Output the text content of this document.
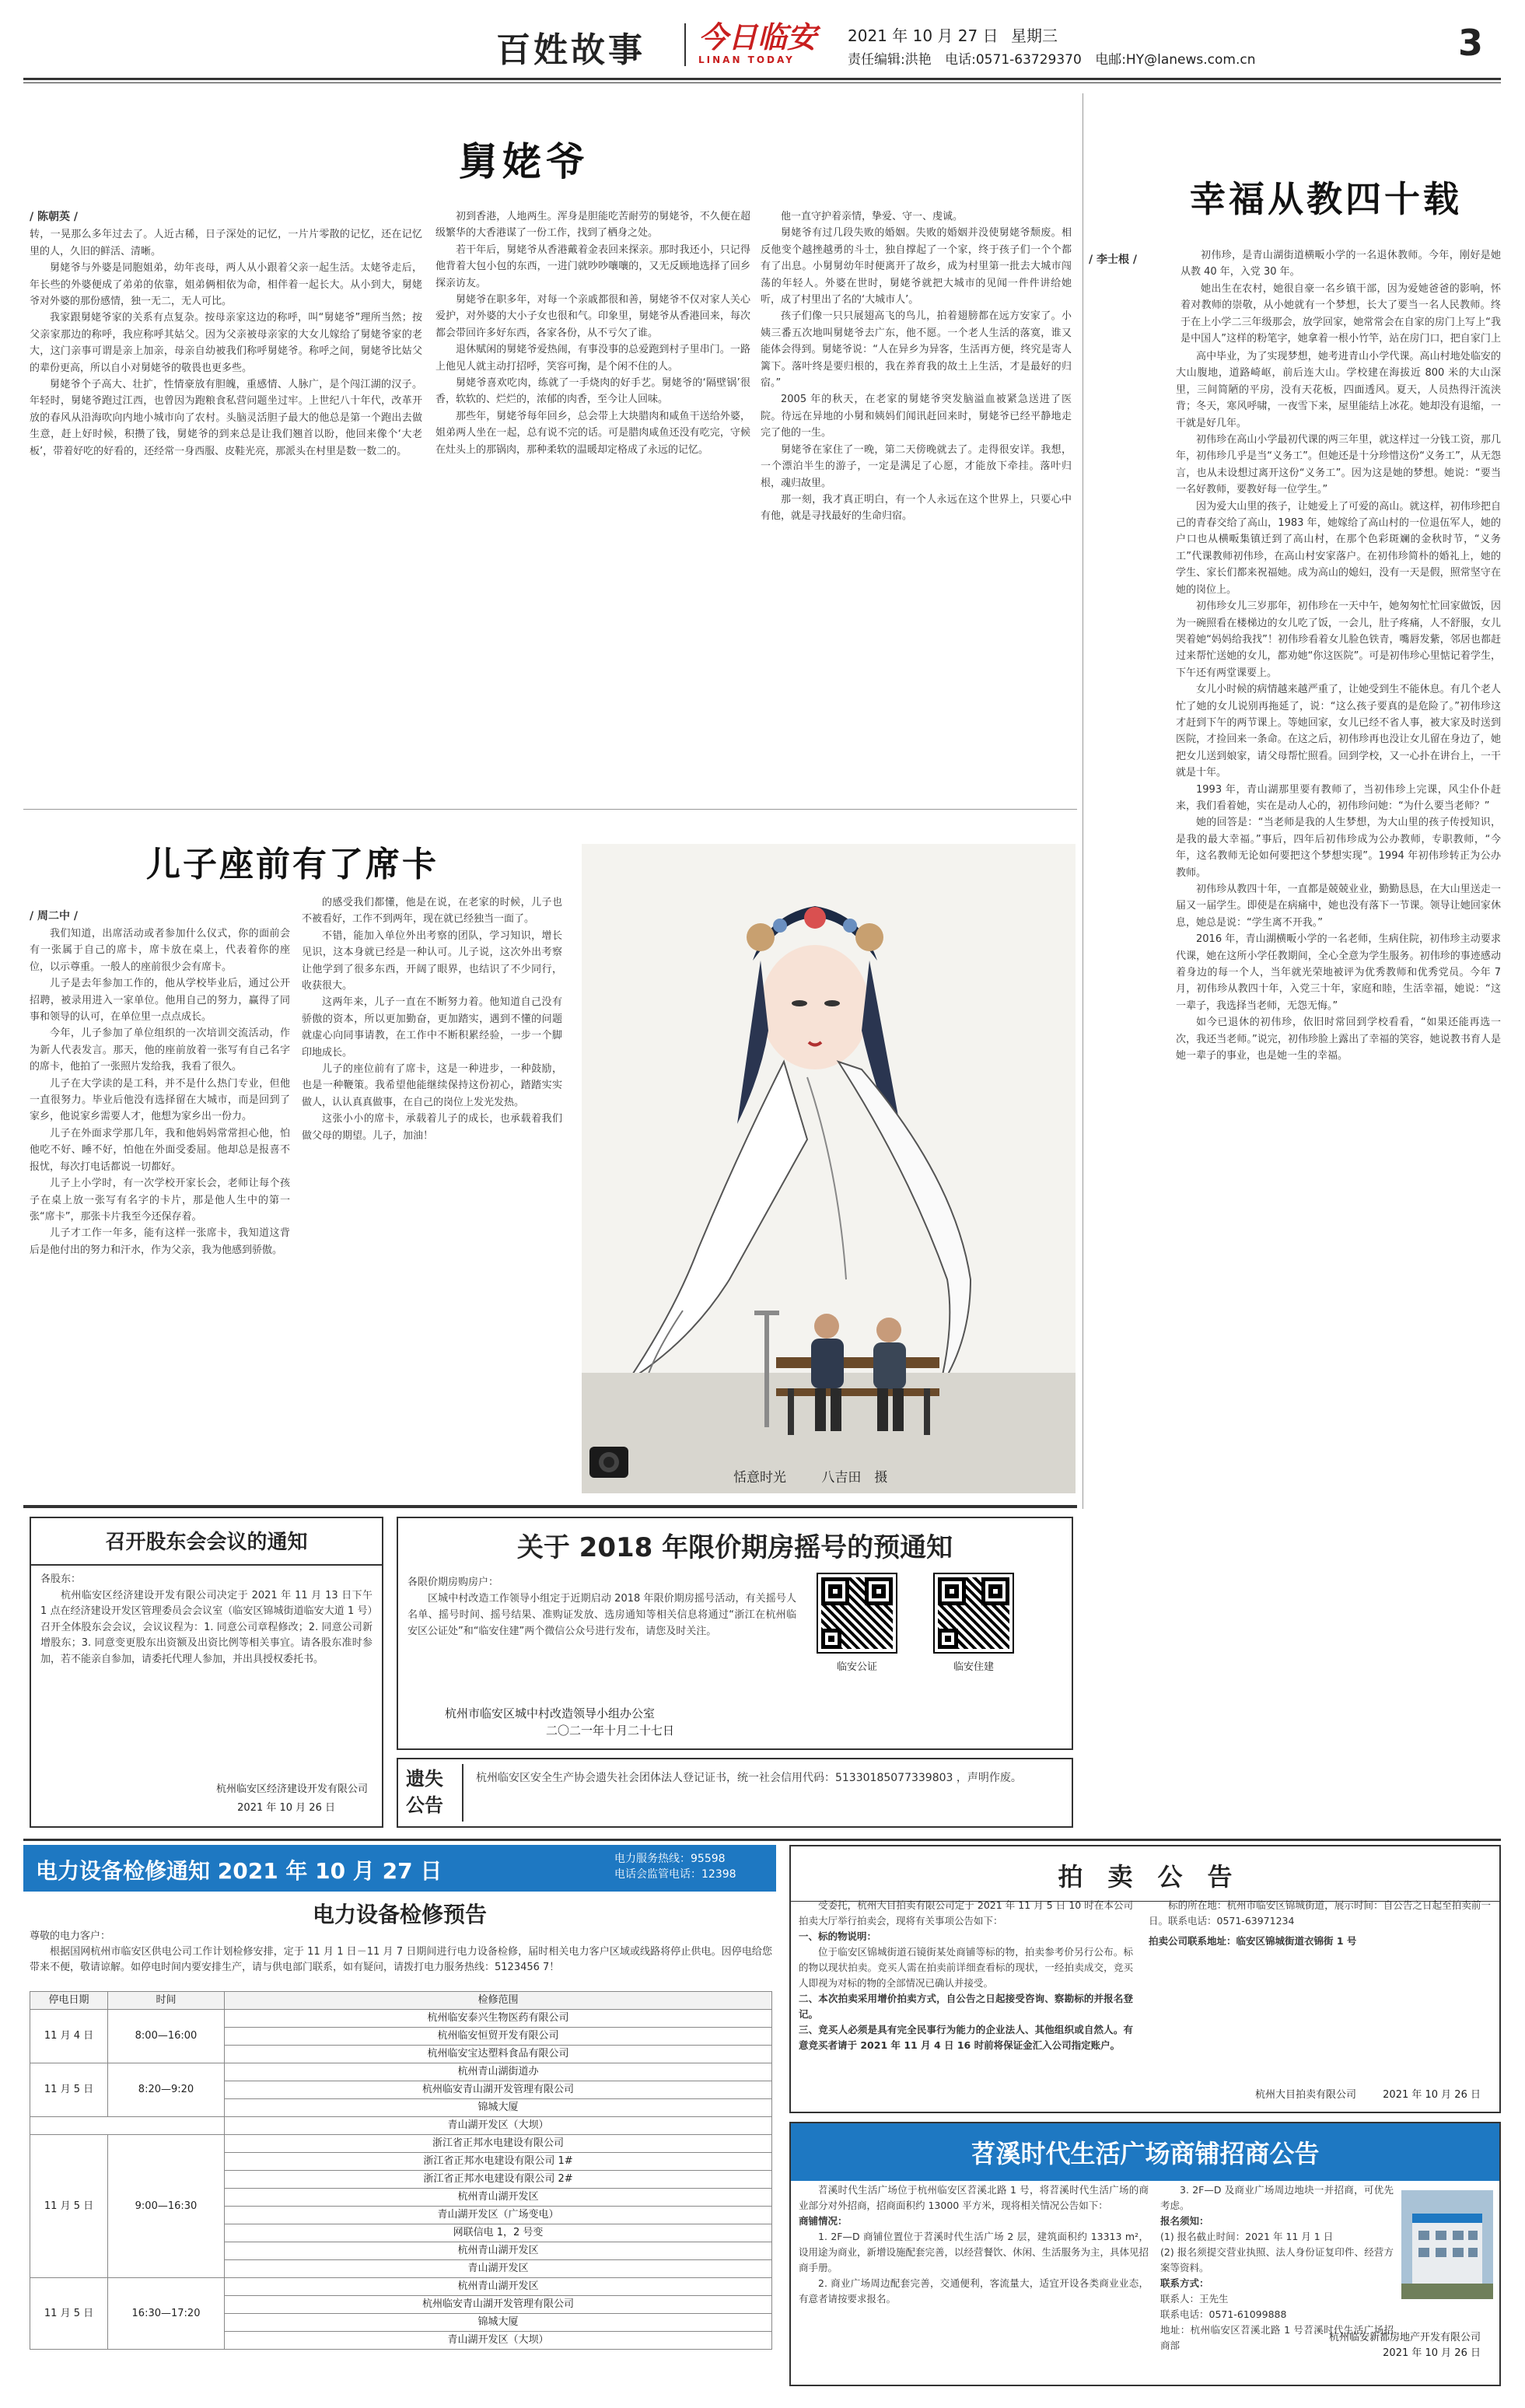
百姓故事 今日临安
LINAN TODAY
2021 年 10 月 27 日 星期三
责任编辑:洪艳 电话:0571-63729370 电邮:HY@lanews.com.cn	3
舅姥爷
/ 陈朝英 /

转，一晃那么多年过去了。人近古稀，日子深处的记忆，一片片零散的记忆，还在记忆里的人，久旧的鲜活、清晰。

舅姥爷与外婆是同胞姐弟，幼年丧母，两人从小跟着父亲一起生活。太姥爷走后，年长些的外婆便成了弟弟的依靠，姐弟俩相依为命，相伴着一起长大。从小到大，舅姥爷对外婆的那份感情，独一无二，无人可比。

我家跟舅姥爷家的关系有点复杂。按母亲家这边的称呼，叫“舅姥爷”理所当然；按父亲家那边的称呼，我应称呼其姑父。因为父亲被母亲家的大女儿嫁给了舅姥爷家的老大，这门亲事可谓是亲上加亲，母亲自幼被我们称呼舅姥爷。称呼之间，舅姥爷比姑父的辈份更高，所以自小对舅姥爷的敬畏也更多些。

舅姥爷个子高大、壮扩，性情豪放有胆魄，重感情、人脉广，是个闯江湖的汉子。年轻时，舅姥爷跑过江西，也曾因为跑粮食私营问题坐过牢。上世纪八十年代，改革开放的春风从沿海吹向内地小城市向了农村。头脑灵活胆子最大的他总是第一个跑出去做生意，赶上好时候，积攒了钱，舅姥爷的到来总是让我们翘首以盼，他回来像个‘大老板’，带着好吃的好看的，还经常一身西服、皮鞋光亮，那派头在村里是数一数二的。

初到香港，人地两生。浑身是胆能吃苦耐劳的舅姥爷，不久便在超级繁华的大香港谋了一份工作，找到了栖身之处。

若干年后，舅姥爷从香港戴着金表回来探亲。那时我还小，只记得他背着大包小包的东西，一进门就吵吵嚷嚷的，又无反顾地选择了回乡探亲访友。

舅姥爷在职多年，对每一个亲戚都很和善，舅姥爷不仅对家人关心爱护，对外婆的大小子女也很和气。印象里，舅姥爷从香港回来，每次都会带回许多好东西，各家各份，从不亏欠了谁。

退休赋闲的舅姥爷爱热闹，有事没事的总爱跑到村子里串门。一路上他见人就主动打招呼，笑容可掬，是个闲不住的人。

舅姥爷喜欢吃肉，练就了一手烧肉的好手艺。舅姥爷的‘隔壁锅’很香，软软的、烂烂的，浓郁的肉香，至今让人回味。

那些年，舅姥爷每年回乡，总会带上大块腊肉和咸鱼干送给外婆，姐弟两人坐在一起，总有说不完的话。可是腊肉咸鱼还没有吃完，守候在灶头上的那锅肉，那种柔软的温暖却定格成了永远的记忆。

他一直守护着亲情，挚爱、守一、虔诚。

舅姥爷有过几段失败的婚姻。失败的婚姻并没使舅姥爷颓废。相反他变个越挫越勇的斗士，独自撑起了一个家，终于孩子们一个个都有了出息。小舅舅幼年时便离开了故乡，成为村里第一批去大城市闯荡的年轻人。外婆在世时，舅姥爷就把大城市的见闻一件件讲给她听，成了村里出了名的‘大城市人’。

孩子们像一只只展翅高飞的鸟儿，拍着翅膀都在远方安家了。小姨三番五次地叫舅姥爷去广东，他不愿。一个老人生活的落寞，谁又能体会得到。舅姥爷说：“人在异乡为异客，生活再方便，终究是寄人篱下。落叶终是要归根的，我在养育我的故土上生活，才是最好的归宿。”

2005 年的秋天，在老家的舅姥爷突发脑溢血被紧急送进了医院。待远在异地的小舅和姨妈们闻讯赶回来时，舅姥爷已经平静地走完了他的一生。

舅姥爷在家住了一晚，第二天傍晚就去了。走得很安详。我想，一个漂泊半生的游子，一定是满足了心愿，才能放下牵挂。落叶归根，魂归故里。

那一刻，我才真正明白，有一个人永远在这个世界上，只要心中有他，就是寻找最好的生命归宿。

幸福从教四十载
/ 李士根 /	初伟珍，是青山湖街道横畈小学的一名退休教师。今年，刚好是她从教 40 年，入党 30 年。

她出生在农村，她很自豪一名乡镇干部，因为爱她爸爸的影响，怀着对教师的崇敬，从小她就有一个梦想，长大了要当一名人民教师。终于在上小学二三年级那会，放学回家，她常常会在自家的房门上写上“我是中国人”这样的粉笔字，她拿着一根小竹竿，站在房门口，把自家门上

高中毕业，为了实现梦想，她考进青山小学代课。高山村地处临安的大山腹地，道路崎岖，前后连大山。学校建在海拔近 800 米的大山深里，三间简陋的平房，没有天花板，四面透风。夏天，人员热得汗流浃背；冬天，寒风呼啸，一夜雪下来，屋里能结上冰花。她却没有退缩，一干就是好几年。

初伟珍在高山小学最初代课的两三年里，就这样过一分钱工资，那几年，初伟珍几乎是当“义务工”。但她还是十分珍惜这份“义务工”，从无怨言，也从未设想过离开这份“义务工”。因为这是她的梦想。她说：“要当一名好教师，要教好每一位学生。”

因为爱大山里的孩子，让她爱上了可爱的高山。就这样，初伟珍把自己的青春交给了高山，1983 年，她嫁给了高山村的一位退伍军人，她的户口也从横畈集镇迁到了高山村，在那个色彩斑斓的金秋时节，“义务工”代课教师初伟珍，在高山村安家落户。在初伟珍简朴的婚礼上，她的学生、家长们都来祝福她。成为高山的媳妇，没有一天是假，照常坚守在她的岗位上。

初伟珍女儿三岁那年，初伟珍在一天中午，她匆匆忙忙回家做饭，因为一碗照看在楼梯边的女儿吃了饭，一会儿，肚子疼痛，人不舒服，女儿哭着她“妈妈给我找”！初伟珍看着女儿脸色铁青，嘴唇发紫，邻居也都赶过来帮忙送她的女儿，都劝她“你这医院”。可是初伟珍心里惦记着学生，下午还有两堂课要上。

女儿小时候的病情越来越严重了，让她受到生不能休息。有几个老人忙了她的女儿说别再拖延了，说：“这么孩子要真的是危险了。”初伟珍这才赶到下午的两节课上。等她回家，女儿已经不省人事，被大家及时送到医院，才捡回来一条命。在这之后，初伟珍再也没让女儿留在身边了，她把女儿送到娘家，请父母帮忙照看。回到学校，又一心扑在讲台上，一干就是十年。

1993 年，青山湖那里要有教师了，当初伟珍上完课，风尘仆仆赶来，我们看着她，实在是动人心的，初伟珍问她：“为什么要当老师？”

她的回答是：“当老师是我的人生梦想，为大山里的孩子传授知识，是我的最大幸福。”事后，四年后初伟珍成为公办教师，专职教师，“今年，这名教师无论如何要把这个梦想实现”。1994 年初伟珍转正为公办教师。

初伟珍从教四十年，一直都是兢兢业业，勤勤恳恳，在大山里送走一届又一届学生。即使是在病痛中，她也没有落下一节课。领导让她回家休息，她总是说：“学生离不开我。”

2016 年，青山湖横畈小学的一名老师，生病住院，初伟珍主动要求代课，她在这所小学任教期间，全心全意为学生服务。初伟珍的事迹感动着身边的每一个人，当年就光荣地被评为优秀教师和优秀党员。今年 7 月，初伟珍从教四十年，入党三十年，家庭和睦，生活幸福，她说：“这一辈子，我选择当老师，无怨无悔。”

如今已退休的初伟珍，依旧时常回到学校看看，“如果还能再选一次，我还当老师。”说完，初伟珍脸上露出了幸福的笑容，她说教书育人是她一辈子的事业，也是她一生的幸福。

儿子座前有了席卡
/ 周二中 /

我们知道，出席活动或者参加什么仪式，你的面前会有一张属于自己的席卡，席卡放在桌上，代表着你的座位，以示尊重。一般人的座前很少会有席卡。

儿子是去年参加工作的，他从学校毕业后，通过公开招聘，被录用进入一家单位。他用自己的努力，赢得了同事和领导的认可，在单位里一点点成长。

今年，儿子参加了单位组织的一次培训交流活动，作为新人代表发言。那天，他的座前放着一张写有自己名字的席卡，他拍了一张照片发给我，我看了很久。

儿子在大学读的是工科，并不是什么热门专业，但他一直很努力。毕业后他没有选择留在大城市，而是回到了家乡，他说家乡需要人才，他想为家乡出一份力。

儿子在外面求学那几年，我和他妈妈常常担心他，怕他吃不好、睡不好，怕他在外面受委屈。他却总是报喜不报忧，每次打电话都说一切都好。

儿子上小学时，有一次学校开家长会，老师让每个孩子在桌上放一张写有名字的卡片，那是他人生中的第一张“席卡”，那张卡片我至今还保存着。

儿子才工作一年多，能有这样一张席卡，我知道这背后是他付出的努力和汗水，作为父亲，我为他感到骄傲。

的感受我们都懂，他是在说，在老家的时候，儿子也不被看好，工作不到两年，现在就已经独当一面了。

不错，能加入单位外出考察的团队，学习知识，增长见识，这本身就已经是一种认可。儿子说，这次外出考察让他学到了很多东西，开阔了眼界，也结识了不少同行，收获很大。

这两年来，儿子一直在不断努力着。他知道自己没有骄傲的资本，所以更加勤奋，更加踏实，遇到不懂的问题就虚心向同事请教，在工作中不断积累经验，一步一个脚印地成长。

儿子的座位前有了席卡，这是一种进步，一种鼓励，也是一种鞭策。我希望他能继续保持这份初心，踏踏实实做人，认认真真做事，在自己的岗位上发光发热。

这张小小的席卡，承载着儿子的成长，也承载着我们做父母的期望。儿子，加油！

恬意时光	八吉田　摄
召开股东会会议的通知
各股东：

杭州临安区经济建设开发有限公司决定于 2021 年 11 月 13 日下午 1 点在经济建设开发区管理委员会会议室（临安区锦城街道临安大道 1 号）召开全体股东会会议，会议议程为：1. 同意公司章程修改；2. 同意公司新增股东；3. 同意变更股东出资额及出资比例等相关事宜。请各股东准时参加，若不能亲自参加，请委托代理人参加，并出具授权委托书。

杭州临安区经济建设开发有限公司
2021 年 10 月 26 日
关于 2018 年限价期房摇号的预通知
各限价期房购房户：

区城中村改造工作领导小组定于近期启动 2018 年限价期房摇号活动，有关摇号人名单、摇号时间、摇号结果、准购证发放、选房通知等相关信息将通过“浙江在杭州临安区公证处”和“临安住建”两个微信公众号进行发布，请您及时关注。

临安公证	临安住建
杭州市临安区城中村改造领导小组办公室
二〇二一年十月二十七日
遗失
公告
杭州临安区安全生产协会遗失社会团体法人登记证书，统一社会信用代码：51330185077339803 ，声明作废。
电力设备检修通知 2021 年 10 月 27 日	电力服务热线：95598
电话会监管电话：12398
电力设备检修预告
尊敬的电力客户：

根据国网杭州市临安区供电公司工作计划检修安排，定于 11 月 1 日－11 月 7 日期间进行电力设备检修，届时相关电力客户区域或线路将停止供电。因停电给您带来不便，敬请谅解。如停电时间内要安排生产，请与供电部门联系，如有疑问，请拨打电力服务热线：5123456 7！

停电日期	时间	检修范围
11 月 4 日	8:00—16:00	杭州临安泰兴生物医药有限公司
		杭州临安恒贸开发有限公司
		杭州临安宝达塑料食品有限公司
11 月 5 日	8:20—9:20	杭州青山湖街道办
		杭州临安青山湖开发管理有限公司
		锦城大厦
		青山湖开发区（大坝）
11 月 5 日	9:00—16:30	浙江省正邦水电建设有限公司
		浙江省正邦水电建设有限公司 1#
		浙江省正邦水电建设有限公司 2#
		杭州青山湖开发区
		青山湖开发区（广场变电）
		网联信电 1，2 号变
		杭州青山湖开发区
		青山湖开发区
11 月 5 日	16:30—17:20	杭州青山湖开发区
		杭州临安青山湖开发管理有限公司
		锦城大厦
		青山湖开发区（大坝）
拍　卖　公　告

受委托，杭州大目拍卖有限公司定于 2021 年 11 月 5 日 10 时在本公司拍卖大厅举行拍卖会，现将有关事项公告如下：

一、标的物说明：

位于临安区锦城街道石镜街某处商铺等标的物，拍卖参考价另行公布。标的物以现状拍卖。竞买人需在拍卖前详细查看标的现状，一经拍卖成交，竞买人即视为对标的物的全部情况已确认并接受。

二、本次拍卖采用增价拍卖方式，自公告之日起接受咨询、察勘标的并报名登记。
三、竞买人必须是具有完全民事行为能力的企业法人、其他组织或自然人。有意竞买者请于 2021 年 11 月 4 日 16 时前将保证金汇入公司指定账户。

标的所在地：杭州市临安区锦城街道，展示时间：自公告之日起至拍卖前一日。联系电话：0571-63971234

拍卖公司联系地址：临安区锦城街道衣锦街 1 号
杭州大目拍卖有限公司	2021 年 10 月 26 日
苕溪时代生活广场商铺招商公告

苕溪时代生活广场位于杭州临安区苕溪北路 1 号，将苕溪时代生活广场的商业部分对外招商，招商面积约 13000 平方米，现将相关情况公告如下：

商铺情况：

1. 2F—D 商铺位置位于苕溪时代生活广场 2 层，建筑面积约 13313 m²，设用途为商业，新增设施配套完善，以经营餐饮、休闲、生活服务为主，具体见招商手册。

2. 商业广场周边配套完善，交通便利，客流量大，适宜开设各类商业业态，有意者请按要求报名。

3. 2F—D 及商业广场周边地块一并招商，可优先考虑。

报名须知：
(1) 报名截止时间：2021 年 11 月 1 日
(2) 报名须提交营业执照、法人身份证复印件、经营方案等资料。
联系方式：
联系人：王先生
联系电话：0571-61099888
地址：杭州临安区苕溪北路 1 号苕溪时代生活广场招商部
杭州临安新都房地产开发有限公司
2021 年 10 月 26 日
